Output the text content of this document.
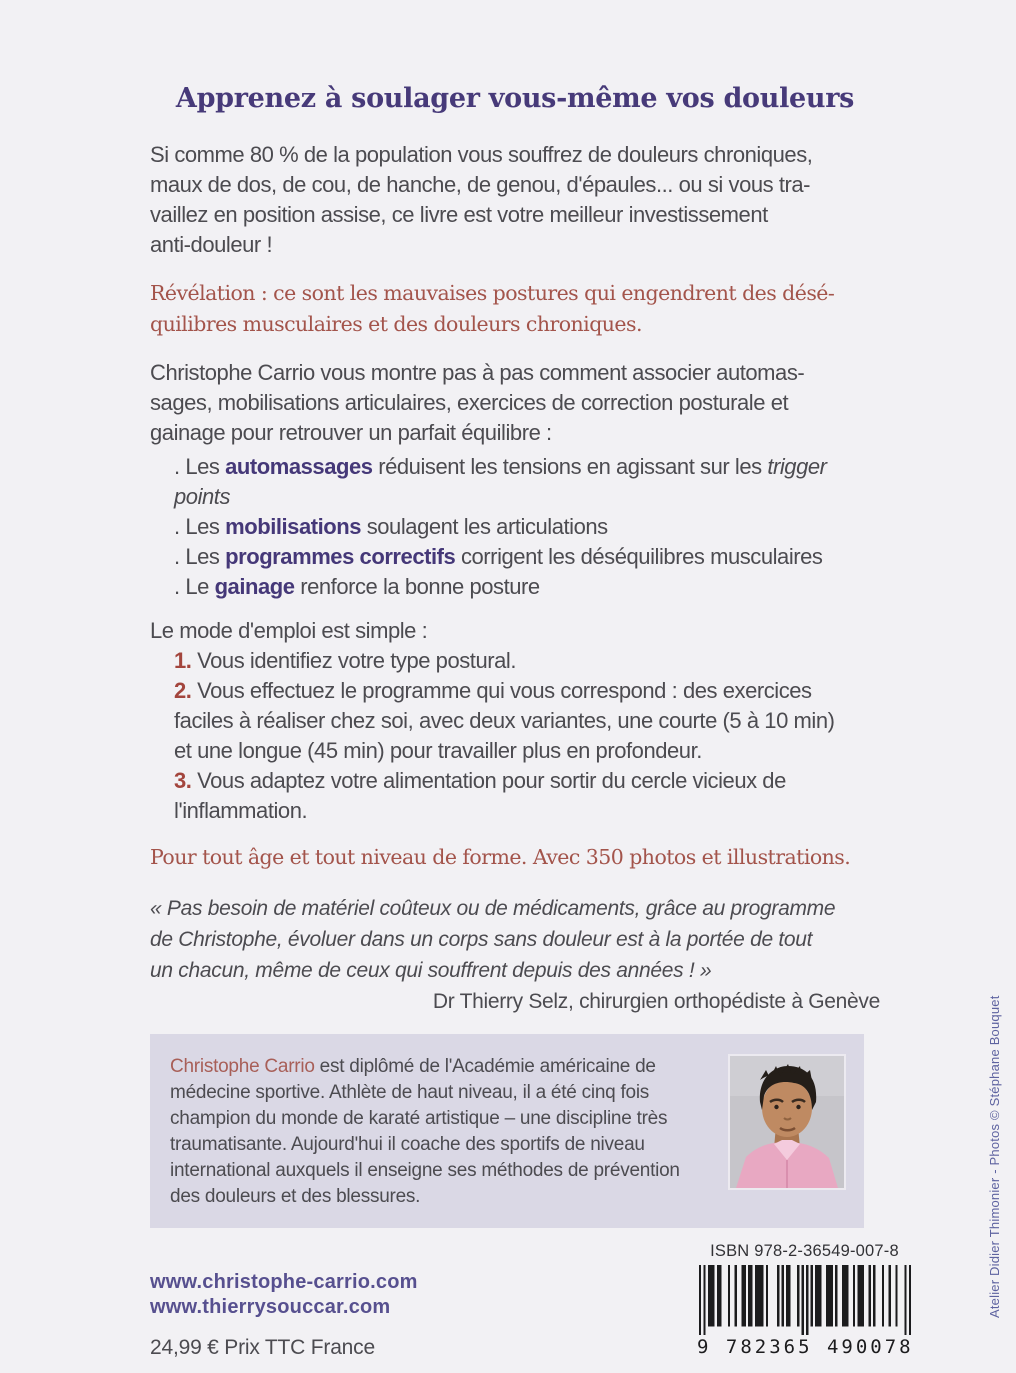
Apprenez à soulager vous-même vos douleurs
Si comme 80 % de la population vous souffrez de douleurs chroniques,
maux de dos, de cou, de hanche, de genou, d'épaules... ou si vous tra-
vaillez en position assise, ce livre est votre meilleur investissement
anti-douleur !
Révélation : ce sont les mauvaises postures qui engendrent des désé-
quilibres musculaires et des douleurs chroniques.
Christophe Carrio vous montre pas à pas comment associer automas-
sages, mobilisations articulaires, exercices de correction posturale et
gainage pour retrouver un parfait équilibre :
. Les automassages réduisent les tensions en agissant sur les trigger
points
. Les mobilisations soulagent les articulations
. Les programmes correctifs corrigent les déséquilibres musculaires
. Le gainage renforce la bonne posture
Le mode d'emploi est simple :
1. Vous identifiez votre type postural.
2. Vous effectuez le programme qui vous correspond : des exercices
faciles à réaliser chez soi, avec deux variantes, une courte (5 à 10 min)
et une longue (45 min) pour travailler plus en profondeur.
3. Vous adaptez votre alimentation pour sortir du cercle vicieux de
l'inflammation.
Pour tout âge et tout niveau de forme. Avec 350 photos et illustrations.
« Pas besoin de matériel coûteux ou de médicaments, grâce au programme
de Christophe, évoluer dans un corps sans douleur est à la portée de tout
un chacun, même de ceux qui souffrent depuis des années ! »
Dr Thierry Selz, chirurgien orthopédiste à Genève
Christophe Carrio est diplômé de l'Académie américaine de médecine sportive. Athlète de haut niveau, il a été cinq fois champion du monde de karaté artistique – une discipline très traumatisante. Aujourd'hui il coache des sportifs de niveau international auxquels il enseigne ses méthodes de prévention des douleurs et des blessures.
www.christophe-carrio.com
www.thierrysouccar.com
24,99 € Prix TTC France
ISBN 978-2-36549-007-8
9 782365 490078
Atelier Didier Thimonier - Photos © Stéphane Bouquet
